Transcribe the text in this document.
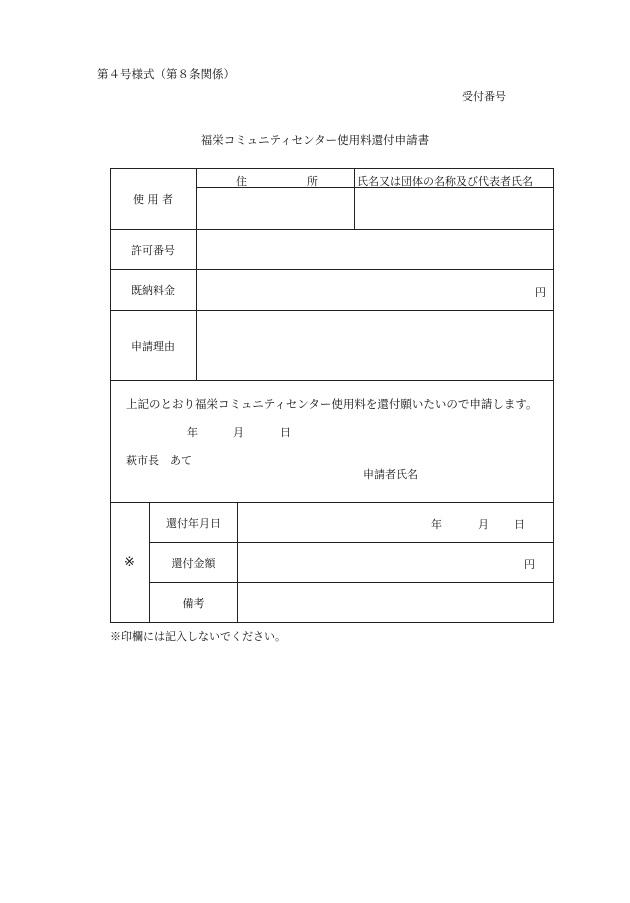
第４号様式（第８条関係）
受付番号
福栄コミュニティセンター使用料還付申請書
使 用 者
住	所	氏名又は団体の名称及び代表者氏名
許可番号
既納料金	円
申請理由
上記のとおり福栄コミュニティセンター使用料を還付願いたいので申請します。
年	月	日
萩市長　あて
申請者氏名
※
還付年月日	年	月 日
還付金額	円
備考
※印欄には記入しないでください。
